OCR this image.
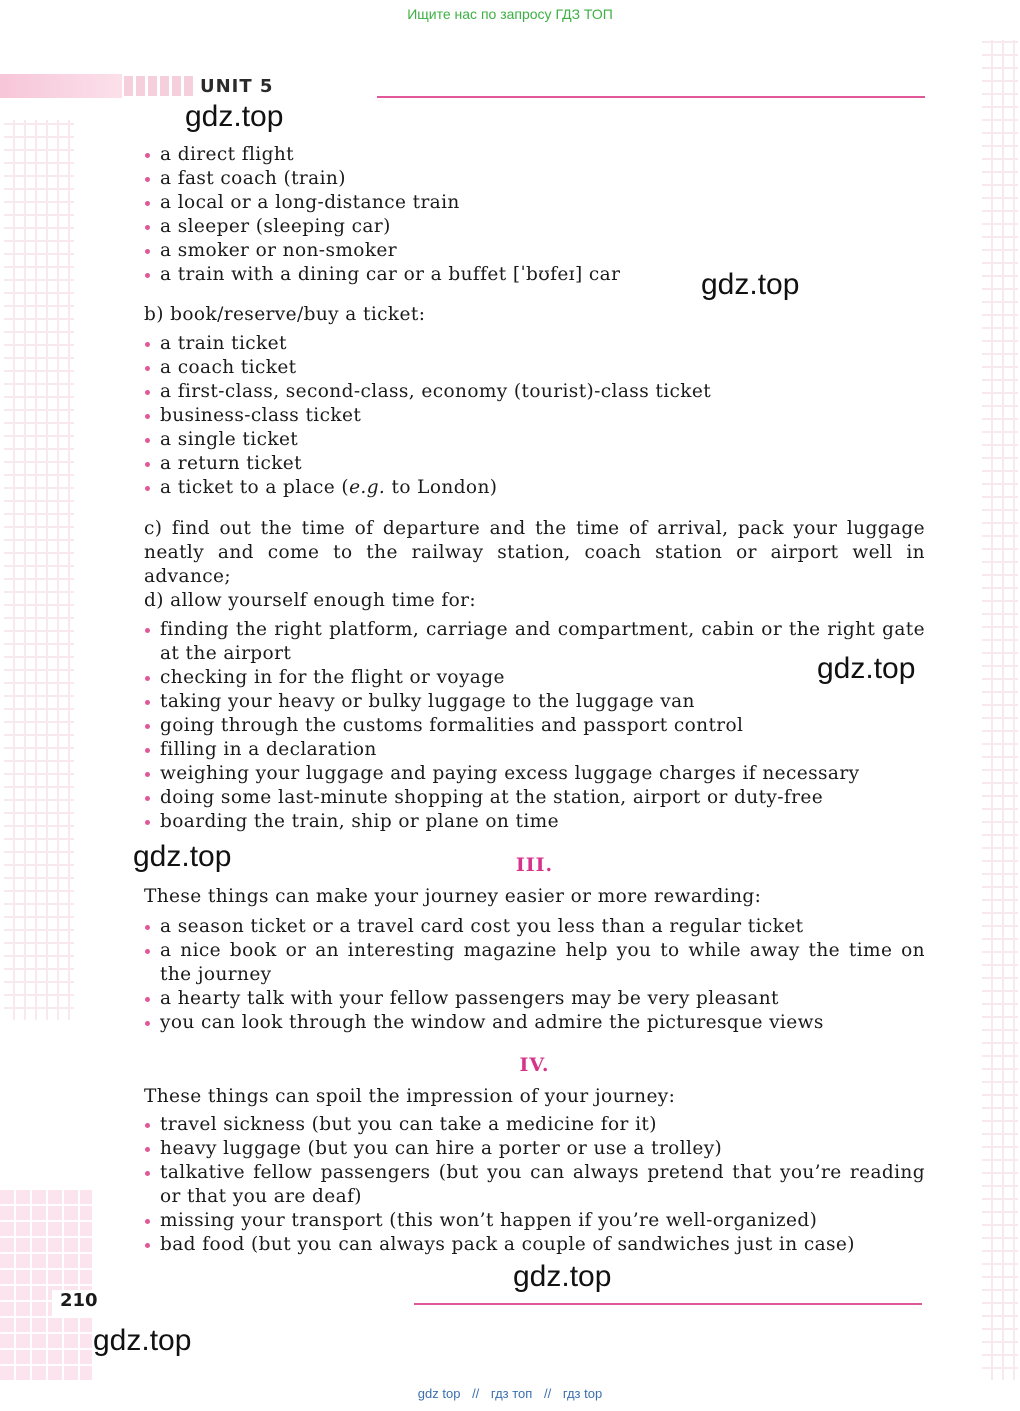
Ищите нас по запросу ГДЗ ТОП
UNIT 5
a direct flight
a fast coach (train)
a local or a long-distance train
a sleeper (sleeping car)
a smoker or non-smoker
a train with a dining car or a buffet [ˈbʊfeɪ] car
b) book/reserve/buy a ticket:
a train ticket
a coach ticket
a first-class, second-class, economy (tourist)-class ticket
business-class ticket
a single ticket
a return ticket
a ticket to a place (e.g. to London)

c) find out the time of departure and the time of arrival, pack your luggage neatly and come to the railway station, coach station or airport well in advance;

d) allow yourself enough time for:
finding the right platform, carriage and compartment, cabin or the right gate at the airport
checking in for the flight or voyage
taking your heavy or bulky luggage to the luggage van
going through the customs formalities and passport control
filling in a declaration
weighing your luggage and paying excess luggage charges if necessary
doing some last-minute shopping at the station, airport or duty-free
boarding the train, ship or plane on time
III.
These things can make your journey easier or more rewarding:
a season ticket or a travel card cost you less than a regular ticket
a nice book or an interesting magazine help you to while away the time on the journey
a hearty talk with your fellow passengers may be very pleasant
you can look through the window and admire the picturesque views
IV.
These things can spoil the impression of your journey:
travel sickness (but you can take a medicine for it)
heavy luggage (but you can hire a porter or use a trolley)
talkative fellow passengers (but you can always pretend that you’re reading or that you are deaf)
missing your transport (this won’t happen if you’re well-organized)
bad food (but you can always pack a couple of sandwiches just in case)
gdz.top
gdz.top
gdz.top
gdz.top
gdz.top
gdz.top
210
gdz top // гдз топ // гдз top
